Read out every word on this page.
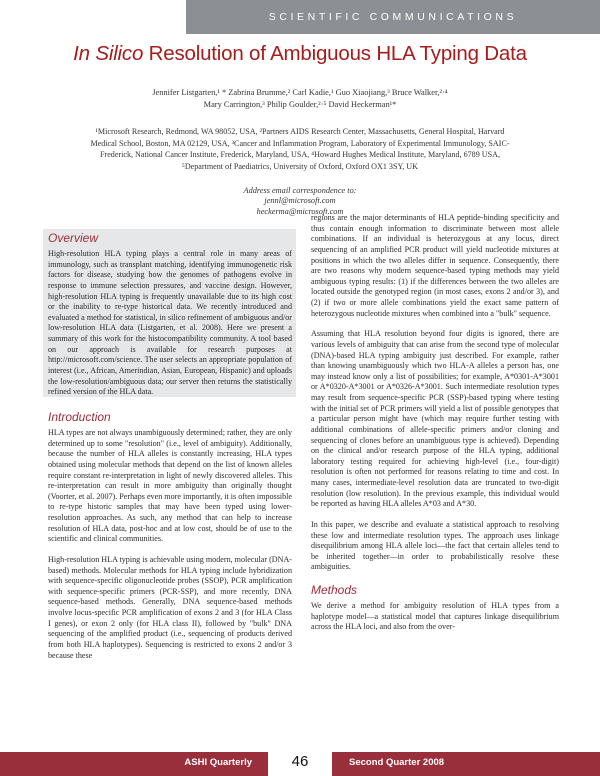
SCIENTIFIC COMMUNICATIONS
In Silico Resolution of Ambiguous HLA Typing Data
Jennifer Listgarten,¹ * Zabrina Brumme,² Carl Kadie,¹ Guo Xiaojiang,³ Bruce Walker,²·⁴
Mary Carrington,³ Philip Goulder,²·⁵ David Heckerman¹*
¹Microsoft Research, Redmond, WA 98052, USA, ²Partners AIDS Research Center, Massachusetts, General Hospital, Harvard
Medical School, Boston, MA 02129, USA, ³Cancer and Inflammation Program, Laboratory of Experimental Immunology, SAIC-
Frederick, National Cancer Institute, Frederick, Maryland, USA, ⁴Howard Hughes Medical Institute, Maryland, 6789 USA,
⁵Department of Paediatrics, University of Oxford, Oxford OX1 3SY, UK
Address email correspondence to:
jennl@microsoft.com
heckerma@microsoft.com
Overview

High-resolution HLA typing plays a central role in many areas of immunology, such as transplant matching, identifying immunogenetic risk factors for disease, studying how the genomes of pathogens evolve in response to immune selection pressures, and vaccine design. However, high-resolution HLA typing is frequently unavailable due to its high cost or the inability to re-type historical data. We recently introduced and evaluated a method for statistical, in silico refinement of ambiguous and/or low-resolution HLA data (Listgarten, et al. 2008). Here we present a summary of this work for the histocompatibility community. A tool based on our approach is available for research purposes at http://microsoft.com/science. The user selects an appropriate population of interest (i.e., African, Amerindian, Asian, European, Hispanic) and uploads the low-resolution/ambiguous data; our server then returns the statistically refined version of the HLA data.

Introduction

HLA types are not always unambiguously determined; rather, they are only determined up to some "resolution" (i.e., level of ambiguity). Additionally, because the number of HLA alleles is constantly increasing, HLA types obtained using molecular methods that depend on the list of known alleles require constant re-interpretation in light of newly discovered alleles. This re-interpretation can result in more ambiguity than originally thought (Voorter, et al. 2007). Perhaps even more importantly, it is often impossible to re-type historic samples that may have been typed using lower-resolution approaches. As such, any method that can help to increase resolution of HLA data, post-hoc and at low cost, should be of use to the scientific and clinical communities.

High-resolution HLA typing is achievable using modern, molecular (DNA-based) methods. Molecular methods for HLA typing include hybridization with sequence-specific oligonucleotide probes (SSOP), PCR amplification with sequence-specific primers (PCR-SSP), and more recently, DNA sequence-based methods. Generally, DNA sequence-based methods involve locus-specific PCR amplification of exons 2 and 3 (for HLA Class I genes), or exon 2 only (for HLA class II), followed by "bulk" DNA sequencing of the amplified product (i.e., sequencing of products derived from both HLA haplotypes). Sequencing is restricted to exons 2 and/or 3 because these

regions are the major determinants of HLA peptide-binding specificity and thus contain enough information to discriminate between most allele combinations. If an individual is heterozygous at any locus, direct sequencing of an amplified PCR product will yield nucleotide mixtures at positions in which the two alleles differ in sequence. Consequently, there are two reasons why modern sequence-based typing methods may yield ambiguous typing results: (1) if the differences between the two alleles are located outside the genotyped region (in most cases, exons 2 and/or 3), and (2) if two or more allele combinations yield the exact same pattern of heterozygous nucleotide mixtures when combined into a "bulk" sequence.

Assuming that HLA resolution beyond four digits is ignored, there are various levels of ambiguity that can arise from the second type of molecular (DNA)-based HLA typing ambiguity just described. For example, rather than knowing unambiguously which two HLA-A alleles a person has, one may instead know only a list of possibilities; for example, A*0301-A*3001 or A*0320-A*3001 or A*0326-A*3001. Such intermediate resolution types may result from sequence-specific PCR (SSP)-based typing where testing with the initial set of PCR primers will yield a list of possible genotypes that a particular person might have (which may require further testing with additional combinations of allele-specific primers and/or cloning and sequencing of clones before an unambiguous type is achieved). Depending on the clinical and/or research purpose of the HLA typing, additional laboratory testing required for achieving high-level (i.e., four-digit) resolution is often not performed for reasons relating to time and cost. In many cases, intermediate-level resolution data are truncated to two-digit resolution (low resolution). In the previous example, this individual would be reported as having HLA alleles A*03 and A*30.

In this paper, we describe and evaluate a statistical approach to resolving these low and intermediate resolution types. The approach uses linkage disequilibrium among HLA allele loci—the fact that certain alleles tend to be inherited together—in order to probabilistically resolve these ambiguities.

Methods

We derive a method for ambiguity resolution of HLA types from a haplotype model—a statistical model that captures linkage disequilibrium across the HLA loci, and also from the over-

ASHI Quarterly	46	Second Quarter 2008
